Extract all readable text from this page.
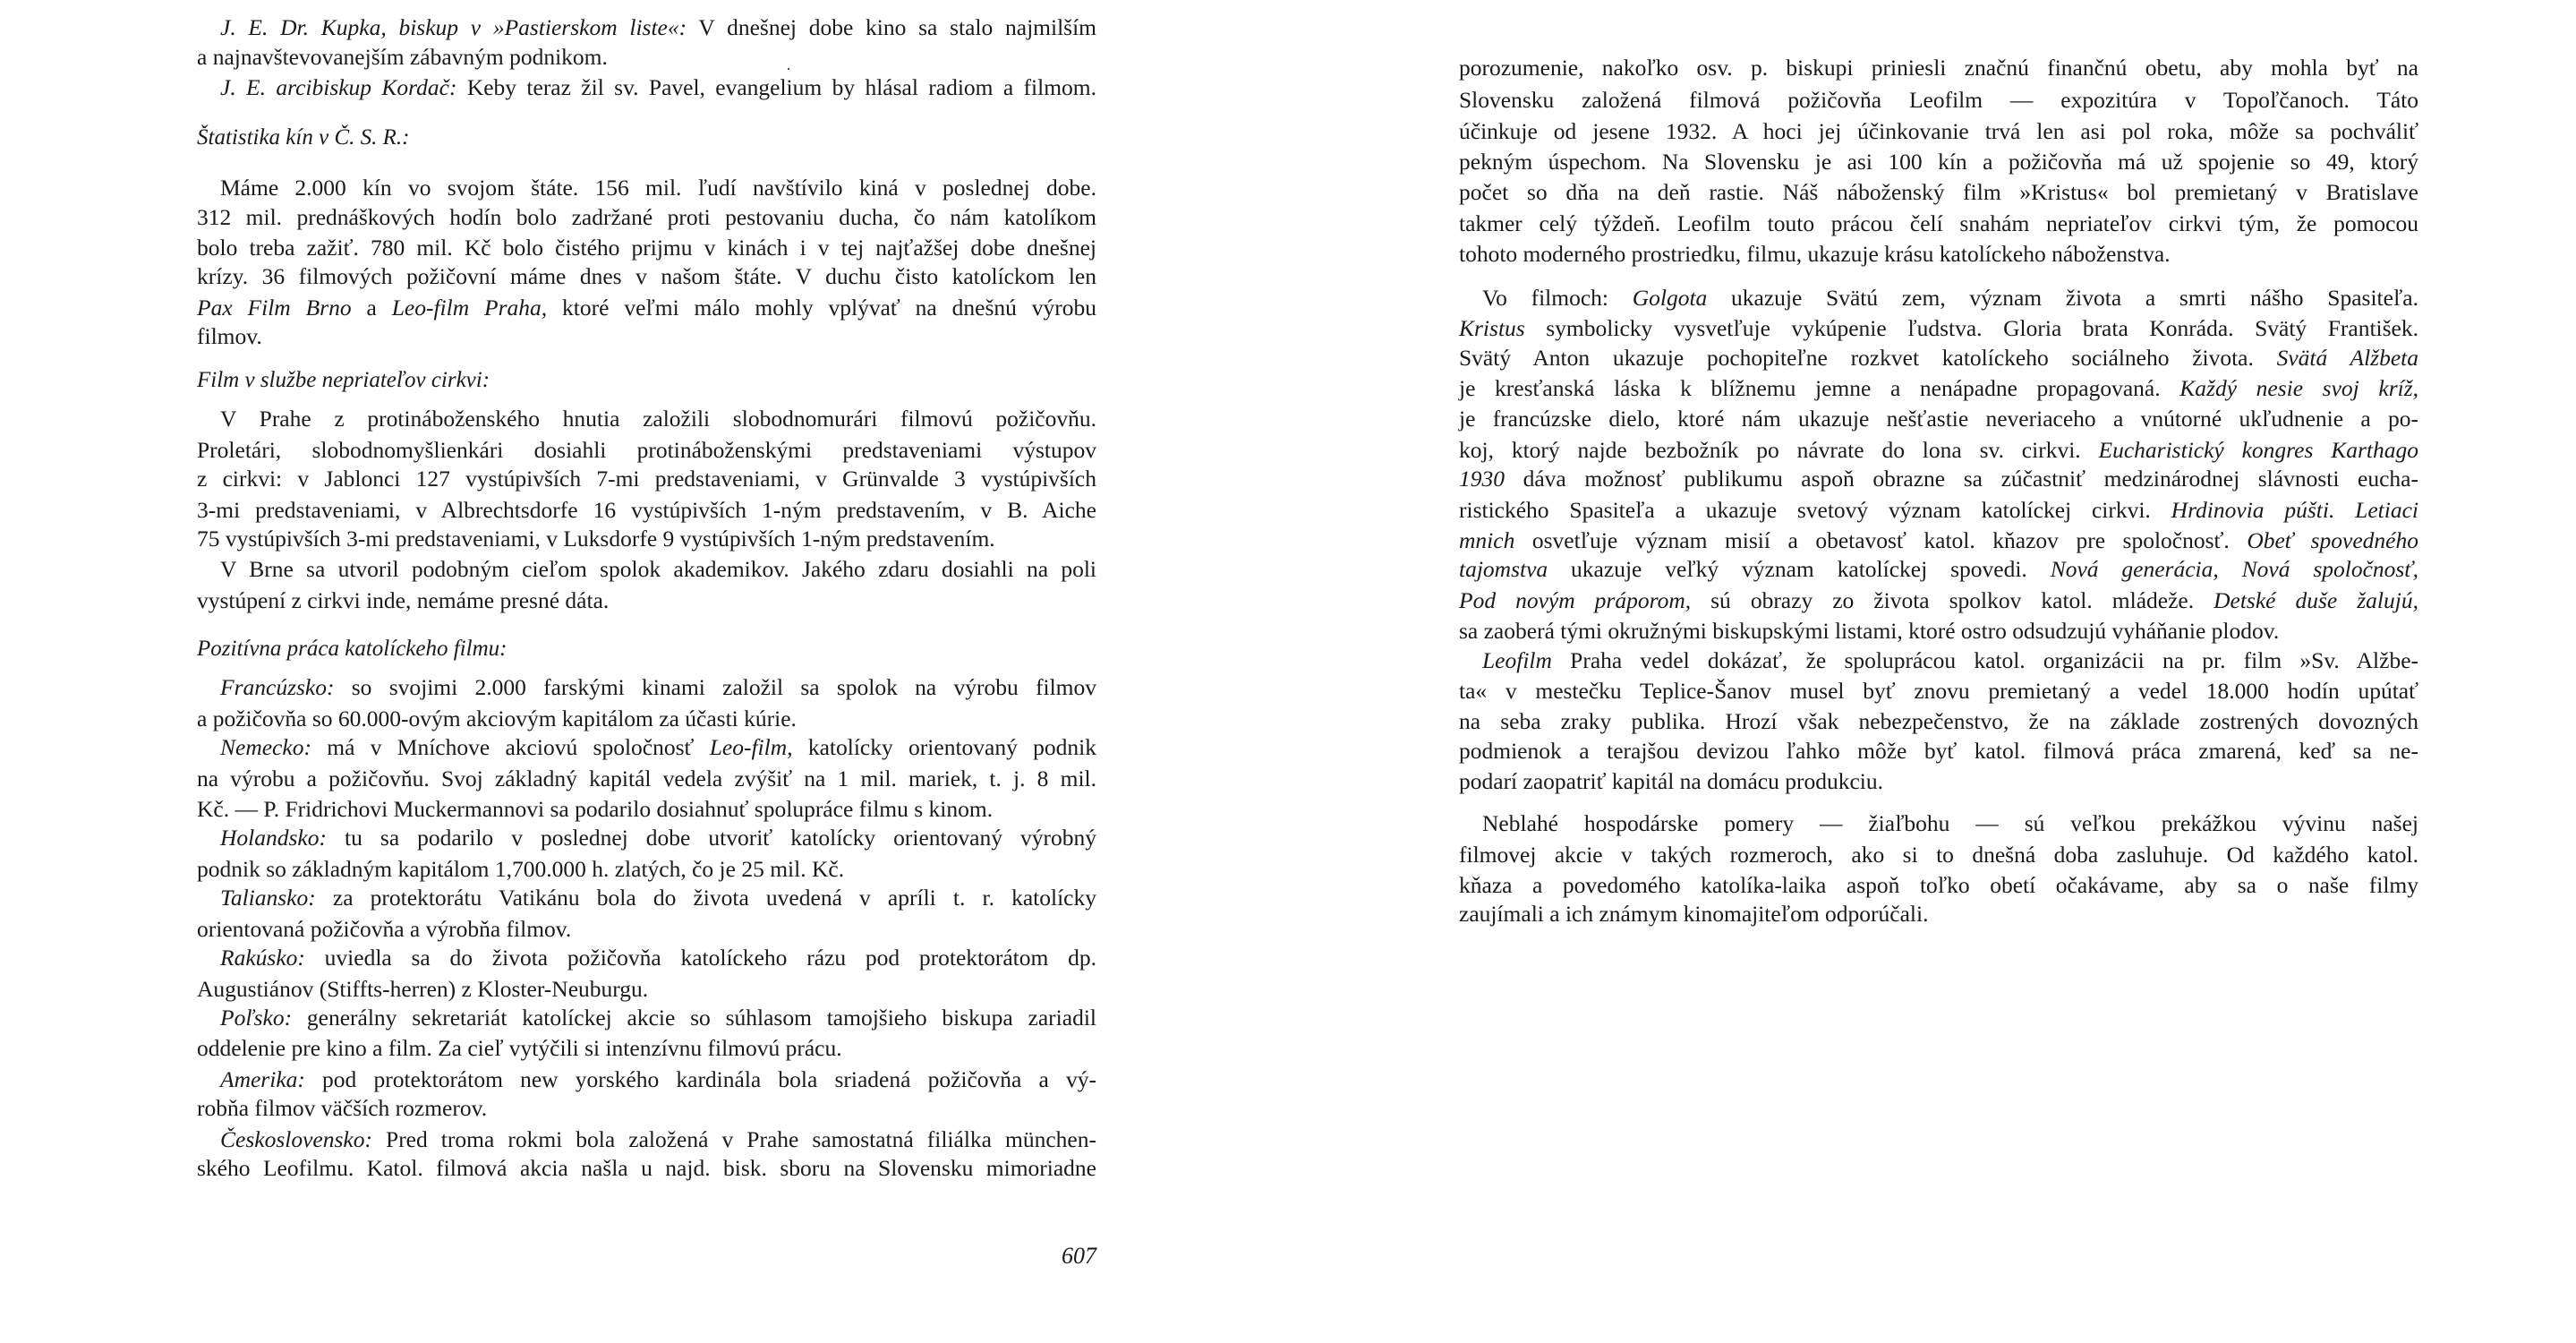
J. E. Dr. Kupka, biskup v »Pastierskom liste«: V dnešnej dobe kino sa stalo najmilším
a najnavštevovanejším zábavným podnikom.
J. E. arcibiskup Kordač: Keby teraz žil sv. Pavel, evangelium by hlásal radiom a filmom.
Štatistika kín v Č. S. R.:
Máme 2.000 kín vo svojom štáte. 156 mil. ľudí navštívilo kiná v poslednej dobe.
312 mil. prednáškových hodín bolo zadržané proti pestovaniu ducha, čo nám katolíkom
bolo treba zažiť. 780 mil. Kč bolo čistého prijmu v kinách i v tej najťažšej dobe dnešnej
krízy. 36 filmových požičovní máme dnes v našom štáte. V duchu čisto katolíckom len
Pax Film Brno a Leo-film Praha, ktoré veľmi málo mohly vplývať na dnešnú výrobu
filmov.
Film v službe nepriateľov cirkvi:
V Prahe z protináboženského hnutia založili slobodnomurári filmovú požičovňu.
Proletári, slobodnomyšlienkári dosiahli protináboženskými predstaveniami výstupov
z cirkvi: v Jablonci 127 vystúpivších 7-mi predstaveniami, v Grünvalde 3 vystúpivších
3-mi predstaveniami, v Albrechtsdorfe 16 vystúpivších 1-ným predstavením, v B. Aiche
75 vystúpivších 3-mi predstaveniami, v Luksdorfe 9 vystúpivších 1-ným predstavením.
V Brne sa utvoril podobným cieľom spolok akademikov. Jakého zdaru dosiahli na poli
vystúpení z cirkvi inde, nemáme presné dáta.
Pozitívna práca katolíckeho filmu:
Francúzsko: so svojimi 2.000 farskými kinami založil sa spolok na výrobu filmov
a požičovňa so 60.000-ovým akciovým kapitálom za účasti kúrie.
Nemecko: má v Mníchove akciovú spoločnosť Leo-film, katolícky orientovaný podnik
na výrobu a požičovňu. Svoj základný kapitál vedela zvýšiť na 1 mil. mariek, t. j. 8 mil.
Kč. — P. Fridrichovi Muckermannovi sa podarilo dosiahnuť spolupráce filmu s kinom.
Holandsko: tu sa podarilo v poslednej dobe utvoriť katolícky orientovaný výrobný
podnik so základným kapitálom 1,700.000 h. zlatých, čo je 25 mil. Kč.
Taliansko: za protektorátu Vatikánu bola do života uvedená v apríli t. r. katolícky
orientovaná požičovňa a výrobňa filmov.
Rakúsko: uviedla sa do života požičovňa katolíckeho rázu pod protektorátom dp.
Augustiánov (Stiffts-herren) z Kloster-Neuburgu.
Poľsko: generálny sekretariát katolíckej akcie so súhlasom tamojšieho biskupa zariadil
oddelenie pre kino a film. Za cieľ vytýčili si intenzívnu filmovú prácu.
Amerika: pod protektorátom new yorského kardinála bola sriadená požičovňa a vý-
robňa filmov väčších rozmerov.
Československo: Pred troma rokmi bola založená v Prahe samostatná filiálka münchen-
ského Leofilmu. Katol. filmová akcia našla u najd. bisk. sboru na Slovensku mimoriadne
607
porozumenie, nakoľko osv. p. biskupi priniesli značnú finančnú obetu, aby mohla byť na
Slovensku založená filmová požičovňa Leofilm — expozitúra v Topoľčanoch. Táto
účinkuje od jesene 1932. A hoci jej účinkovanie trvá len asi pol roka, môže sa pochváliť
pekným úspechom. Na Slovensku je asi 100 kín a požičovňa má už spojenie so 49, ktorý
počet so dňa na deň rastie. Náš náboženský film »Kristus« bol premietaný v Bratislave
takmer celý týždeň. Leofilm touto prácou čelí snahám nepriateľov cirkvi tým, že pomocou
tohoto moderného prostriedku, filmu, ukazuje krásu katolíckeho náboženstva.
Vo filmoch: Golgota ukazuje Svätú zem, význam života a smrti nášho Spasiteľa.
Kristus symbolicky vysvetľuje vykúpenie ľudstva. Gloria brata Konráda. Svätý František.
Svätý Anton ukazuje pochopiteľne rozkvet katolíckeho sociálneho života. Svätá Alžbeta
je kresťanská láska k blížnemu jemne a nenápadne propagovaná. Každý nesie svoj kríž,
je francúzske dielo, ktoré nám ukazuje nešťastie neveriaceho a vnútorné ukľudnenie a po-
koj, ktorý najde bezbožník po návrate do lona sv. cirkvi. Eucharistický kongres Karthago
1930 dáva možnosť publikumu aspoň obrazne sa zúčastniť medzinárodnej slávnosti eucha-
ristického Spasiteľa a ukazuje svetový význam katolíckej cirkvi. Hrdinovia púšti. Letiaci
mnich osvetľuje význam misií a obetavosť katol. kňazov pre spoločnosť. Obeť spovedného
tajomstva ukazuje veľký význam katolíckej spovedi. Nová generácia, Nová spoločnosť,
Pod novým práporom, sú obrazy zo života spolkov katol. mládeže. Detské duše žalujú,
sa zaoberá tými okružnými biskupskými listami, ktoré ostro odsudzujú vyháňanie plodov.
Leofilm Praha vedel dokázať, že spoluprácou katol. organizácii na pr. film »Sv. Alžbe-
ta« v mestečku Teplice-Šanov musel byť znovu premietaný a vedel 18.000 hodín upútať
na seba zraky publika. Hrozí však nebezpečenstvo, že na základe zostrených dovozných
podmienok a terajšou devizou ľahko môže byť katol. filmová práca zmarená, keď sa ne-
podarí zaopatriť kapitál na domácu produkciu.
Neblahé hospodárske pomery — žiaľbohu — sú veľkou prekážkou vývinu našej
filmovej akcie v takých rozmeroch, ako si to dnešná doba zasluhuje. Od každého katol.
kňaza a povedomého katolíka-laika aspoň toľko obetí očakávame, aby sa o naše filmy
zaujímali a ich známym kinomajiteľom odporúčali.
